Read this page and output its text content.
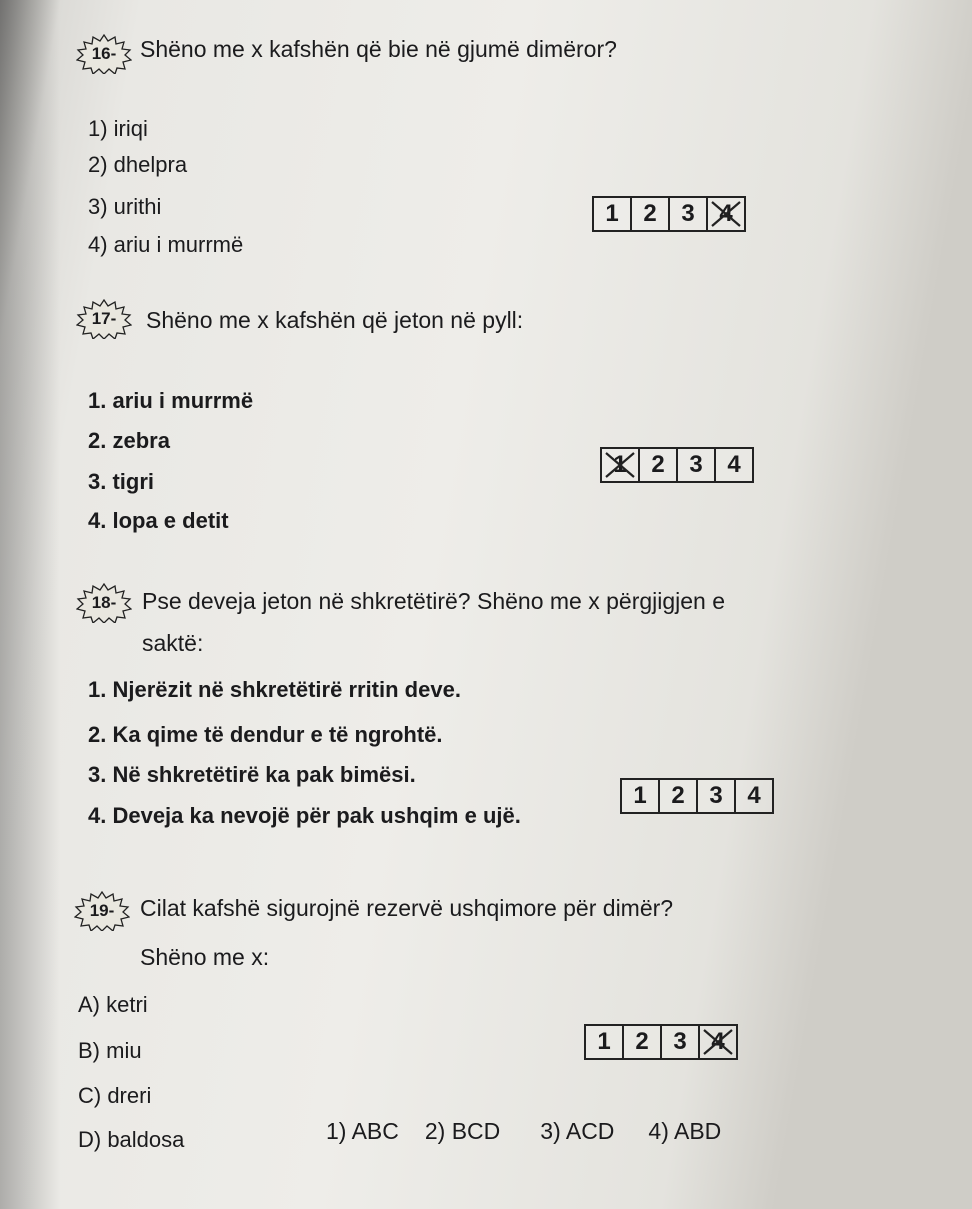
16-	Shëno me x kafshën që bie në gjumë dimëror?
1) iriqi
2) dhelpra
3) urithi
4) ariu i murrmë
1	2	3	4
17-	Shëno me x kafshën që jeton në pyll:
1. ariu i murrmë
2. zebra
3. tigri
4. lopa e detit
1	2	3	4
18-	Pse deveja jeton në shkretëtirë? Shëno me x përgjigjen e
saktë:
1. Njerëzit në shkretëtirë rritin deve.
2. Ka qime të dendur e të ngrohtë.
3. Në shkretëtirë ka pak bimësi.
4. Deveja ka nevojë për pak ushqim e ujë.
1	2	3	4
19-	Cilat kafshë sigurojnë rezervë ushqimore për dimër?
Shëno me x:
A) ketri
B) miu
C) dreri
D) baldosa
1	2	3	4
1) ABC 2) BCD 3) ACD 4) ABD
